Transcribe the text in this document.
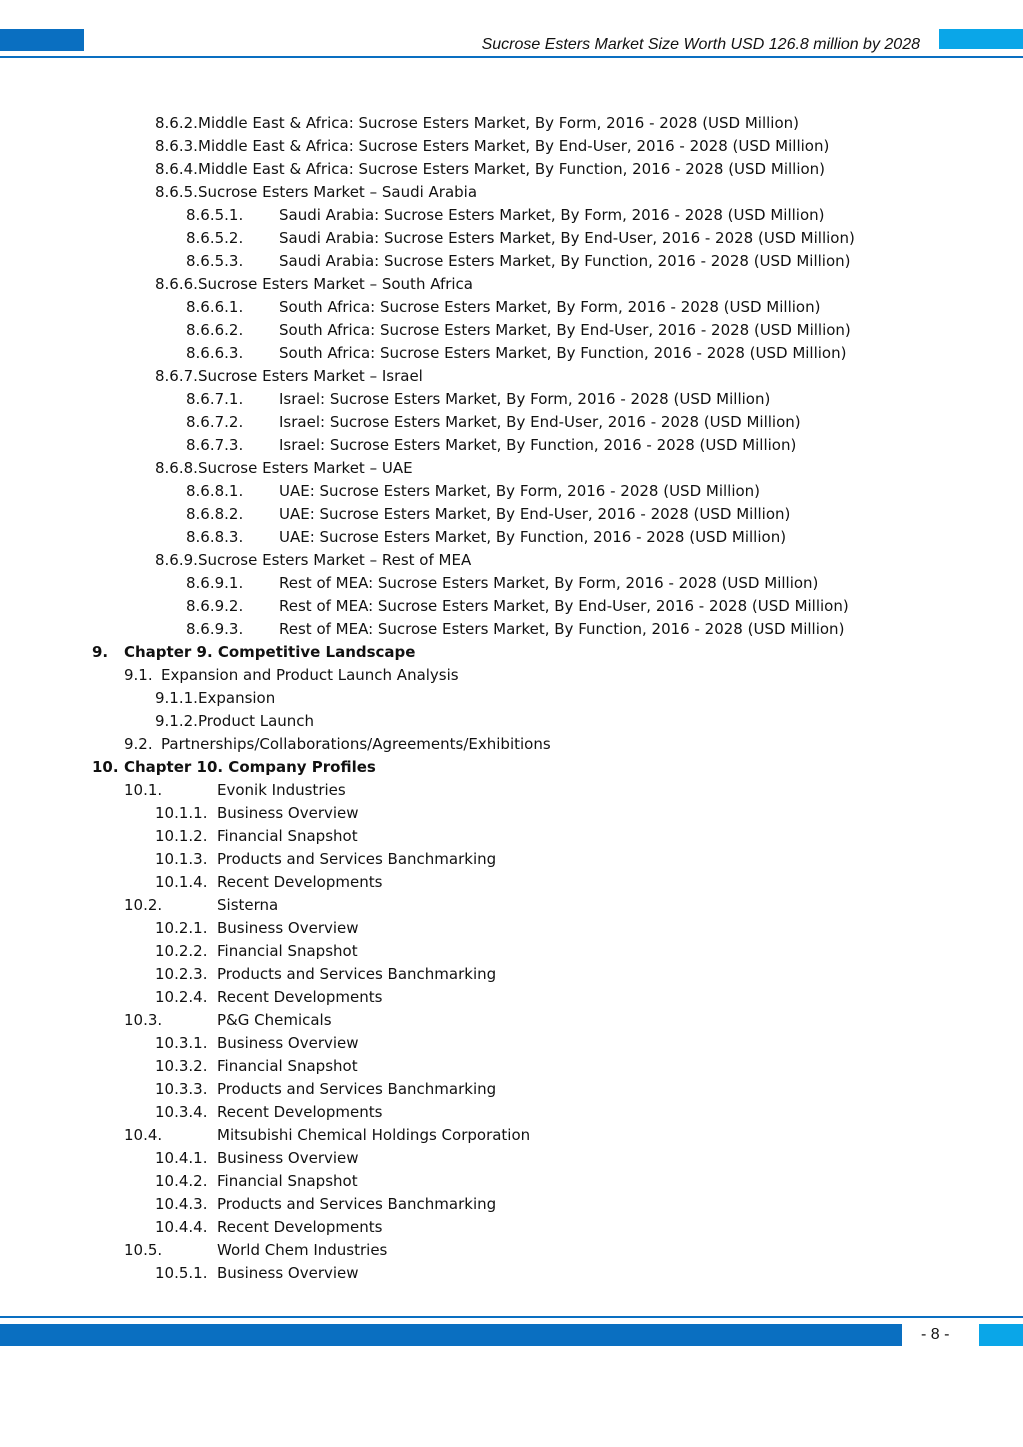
Sucrose Esters Market Size Worth USD 126.8 million by 2028
8.6.2. Middle East & Africa: Sucrose Esters Market, By Form, 2016 - 2028 (USD Million)
8.6.3. Middle East & Africa: Sucrose Esters Market, By End-User, 2016 - 2028 (USD Million)
8.6.4. Middle East & Africa: Sucrose Esters Market, By Function, 2016 - 2028 (USD Million)
8.6.5. Sucrose Esters Market – Saudi Arabia
8.6.5.1. Saudi Arabia: Sucrose Esters Market, By Form, 2016 - 2028 (USD Million)
8.6.5.2. Saudi Arabia: Sucrose Esters Market, By End-User, 2016 - 2028 (USD Million)
8.6.5.3. Saudi Arabia: Sucrose Esters Market, By Function, 2016 - 2028 (USD Million)
8.6.6. Sucrose Esters Market – South Africa
8.6.6.1. South Africa: Sucrose Esters Market, By Form, 2016 - 2028 (USD Million)
8.6.6.2. South Africa: Sucrose Esters Market, By End-User, 2016 - 2028 (USD Million)
8.6.6.3. South Africa: Sucrose Esters Market, By Function, 2016 - 2028 (USD Million)
8.6.7. Sucrose Esters Market – Israel
8.6.7.1. Israel: Sucrose Esters Market, By Form, 2016 - 2028 (USD Million)
8.6.7.2. Israel: Sucrose Esters Market, By End-User, 2016 - 2028 (USD Million)
8.6.7.3. Israel: Sucrose Esters Market, By Function, 2016 - 2028 (USD Million)
8.6.8. Sucrose Esters Market – UAE
8.6.8.1. UAE: Sucrose Esters Market, By Form, 2016 - 2028 (USD Million)
8.6.8.2. UAE: Sucrose Esters Market, By End-User, 2016 - 2028 (USD Million)
8.6.8.3. UAE: Sucrose Esters Market, By Function, 2016 - 2028 (USD Million)
8.6.9. Sucrose Esters Market – Rest of MEA
8.6.9.1. Rest of MEA: Sucrose Esters Market, By Form, 2016 - 2028 (USD Million)
8.6.9.2. Rest of MEA: Sucrose Esters Market, By End-User, 2016 - 2028 (USD Million)
8.6.9.3. Rest of MEA: Sucrose Esters Market, By Function, 2016 - 2028 (USD Million)
9. Chapter 9. Competitive Landscape
9.1. Expansion and Product Launch Analysis
9.1.1. Expansion
9.1.2. Product Launch
9.2. Partnerships/Collaborations/Agreements/Exhibitions
10. Chapter 10. Company Profiles
10.1.	Evonik Industries
10.1.1. Business Overview
10.1.2. Financial Snapshot
10.1.3. Products and Services Banchmarking
10.1.4. Recent Developments
10.2.	Sisterna
10.2.1. Business Overview
10.2.2. Financial Snapshot
10.2.3. Products and Services Banchmarking
10.2.4. Recent Developments
10.3.	P&G Chemicals
10.3.1. Business Overview
10.3.2. Financial Snapshot
10.3.3. Products and Services Banchmarking
10.3.4. Recent Developments
10.4.	Mitsubishi Chemical Holdings Corporation
10.4.1. Business Overview
10.4.2. Financial Snapshot
10.4.3. Products and Services Banchmarking
10.4.4. Recent Developments
10.5.	World Chem Industries
10.5.1. Business Overview
- 8 -
